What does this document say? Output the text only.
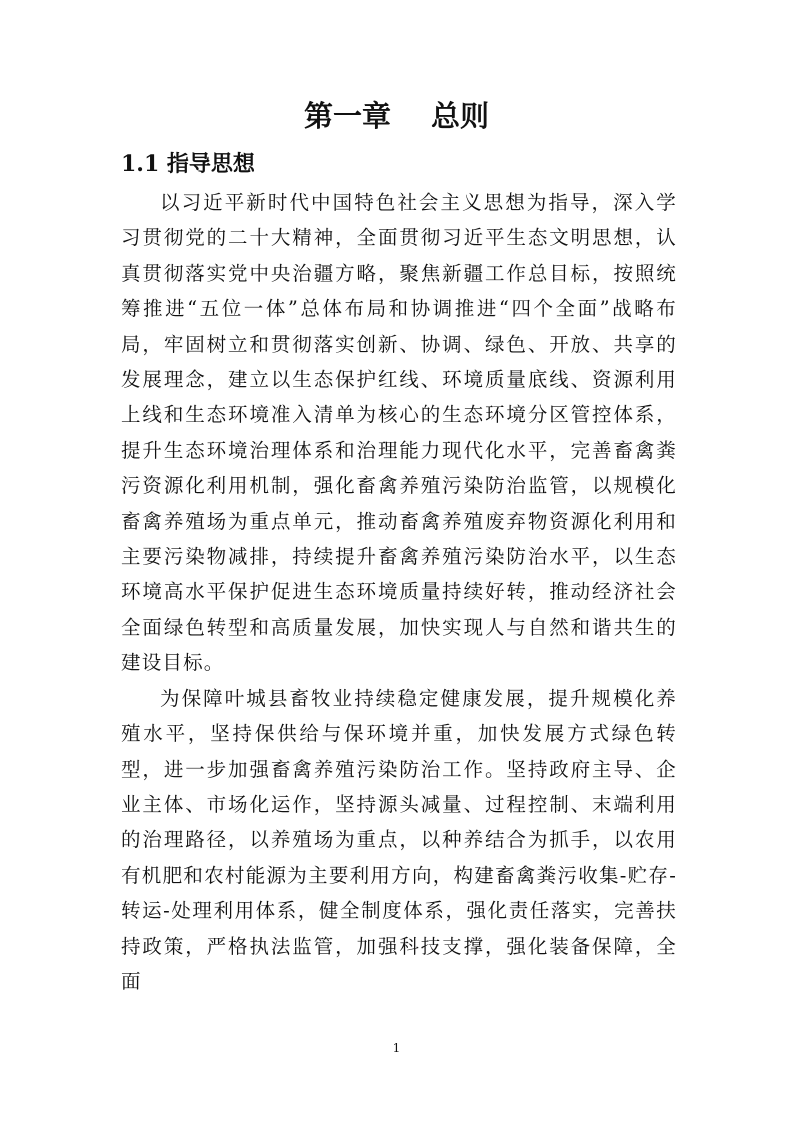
第一章 总则
1.1 指导思想

以习近平新时代中国特色社会主义思想为指导，深入学习贯彻党的二十大精神，全面贯彻习近平生态文明思想，认真贯彻落实党中央治疆方略，聚焦新疆工作总目标，按照统筹推进“五位一体”总体布局和协调推进“四个全面”战略布局，牢固树立和贯彻落实创新、协调、绿色、开放、共享的发展理念，建立以生态保护红线、环境质量底线、资源利用上线和生态环境准入清单为核心的生态环境分区管控体系，提升生态环境治理体系和治理能力现代化水平，完善畜禽粪污资源化利用机制，强化畜禽养殖污染防治监管，以规模化畜禽养殖场为重点单元，推动畜禽养殖废弃物资源化利用和主要污染物减排，持续提升畜禽养殖污染防治水平，以生态环境高水平保护促进生态环境质量持续好转，推动经济社会全面绿色转型和高质量发展，加快实现人与自然和谐共生的建设目标。

为保障叶城县畜牧业持续稳定健康发展，提升规模化养殖水平，坚持保供给与保环境并重，加快发展方式绿色转型，进一步加强畜禽养殖污染防治工作。坚持政府主导、企业主体、市场化运作，坚持源头减量、过程控制、末端利用的治理路径，以养殖场为重点，以种养结合为抓手，以农用有机肥和农村能源为主要利用方向，构建畜禽粪污收集-贮存-转运-处理利用体系，健全制度体系，强化责任落实，完善扶持政策，严格执法监管，加强科技支撑，强化装备保障，全面

1
